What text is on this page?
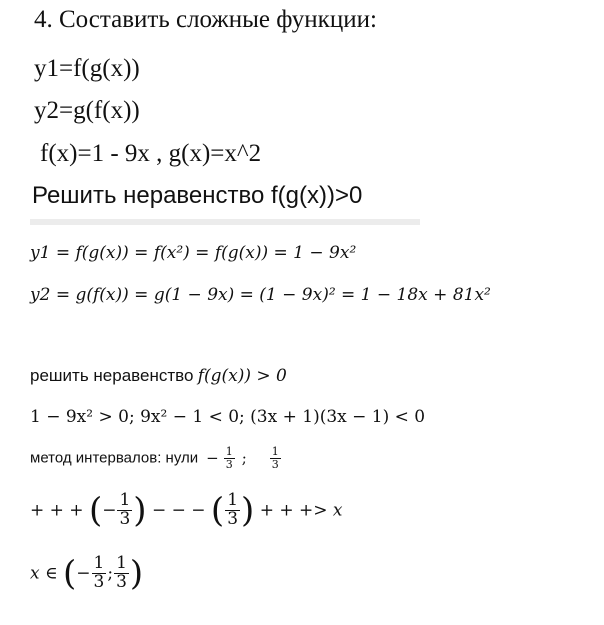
4. Составить сложные функции:
y1=f(g(x))
y2=g(f(x))
f(x)=1 - 9x , g(x)=x^2
Решить неравенство f(g(x))>0
y1 = f(g(x)) = f(x²) = f(g(x)) = 1 − 9x²
y2 = g(f(x)) = g(1 − 9x) = (1 − 9x)² = 1 − 18x + 81x²
решить неравенство f(g(x)) > 0
1 − 9x² > 0; 9x² − 1 < 0; (3x + 1)(3x − 1) < 0
метод интервалов: нули − $\frac{1}{3}$ ; $\frac{1}{3}$
+ + + (− $\frac{1}{3}$ ) − − − ( $\frac{1}{3}$ ) + + +> x
x ∈ (− $\frac{1}{3}$ ; $\frac{1}{3}$ )
